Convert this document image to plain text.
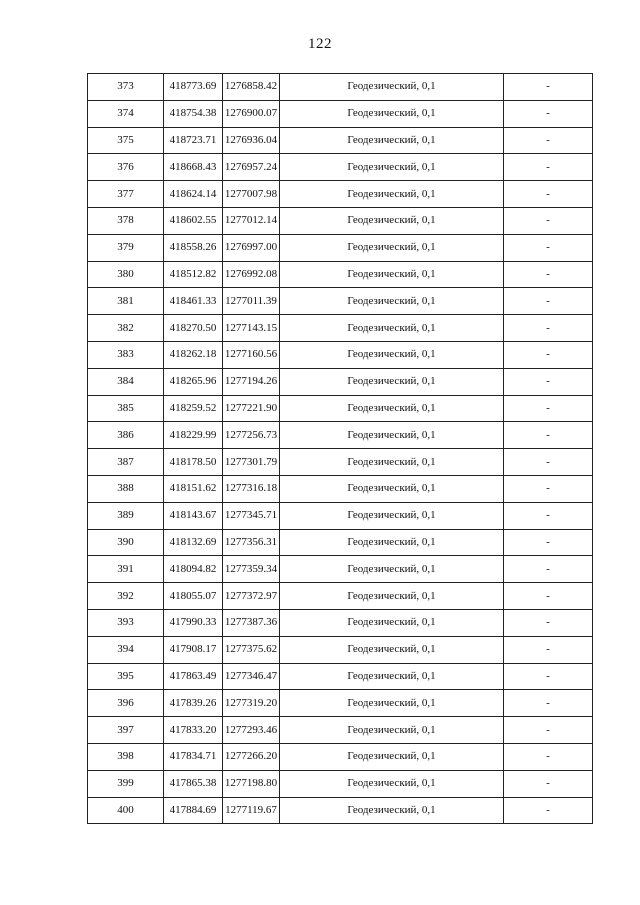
122
373	418773.69	1276858.42	Геодезический, 0,1	-
374	418754.38	1276900.07	Геодезический, 0,1	-
375	418723.71	1276936.04	Геодезический, 0,1	-
376	418668.43	1276957.24	Геодезический, 0,1	-
377	418624.14	1277007.98	Геодезический, 0,1	-
378	418602.55	1277012.14	Геодезический, 0,1	-
379	418558.26	1276997.00	Геодезический, 0,1	-
380	418512.82	1276992.08	Геодезический, 0,1	-
381	418461.33	1277011.39	Геодезический, 0,1	-
382	418270.50	1277143.15	Геодезический, 0,1	-
383	418262.18	1277160.56	Геодезический, 0,1	-
384	418265.96	1277194.26	Геодезический, 0,1	-
385	418259.52	1277221.90	Геодезический, 0,1	-
386	418229.99	1277256.73	Геодезический, 0,1	-
387	418178.50	1277301.79	Геодезический, 0,1	-
388	418151.62	1277316.18	Геодезический, 0,1	-
389	418143.67	1277345.71	Геодезический, 0,1	-
390	418132.69	1277356.31	Геодезический, 0,1	-
391	418094.82	1277359.34	Геодезический, 0,1	-
392	418055.07	1277372.97	Геодезический, 0,1	-
393	417990.33	1277387.36	Геодезический, 0,1	-
394	417908.17	1277375.62	Геодезический, 0,1	-
395	417863.49	1277346.47	Геодезический, 0,1	-
396	417839.26	1277319.20	Геодезический, 0,1	-
397	417833.20	1277293.46	Геодезический, 0,1	-
398	417834.71	1277266.20	Геодезический, 0,1	-
399	417865.38	1277198.80	Геодезический, 0,1	-
400	417884.69	1277119.67	Геодезический, 0,1	-
